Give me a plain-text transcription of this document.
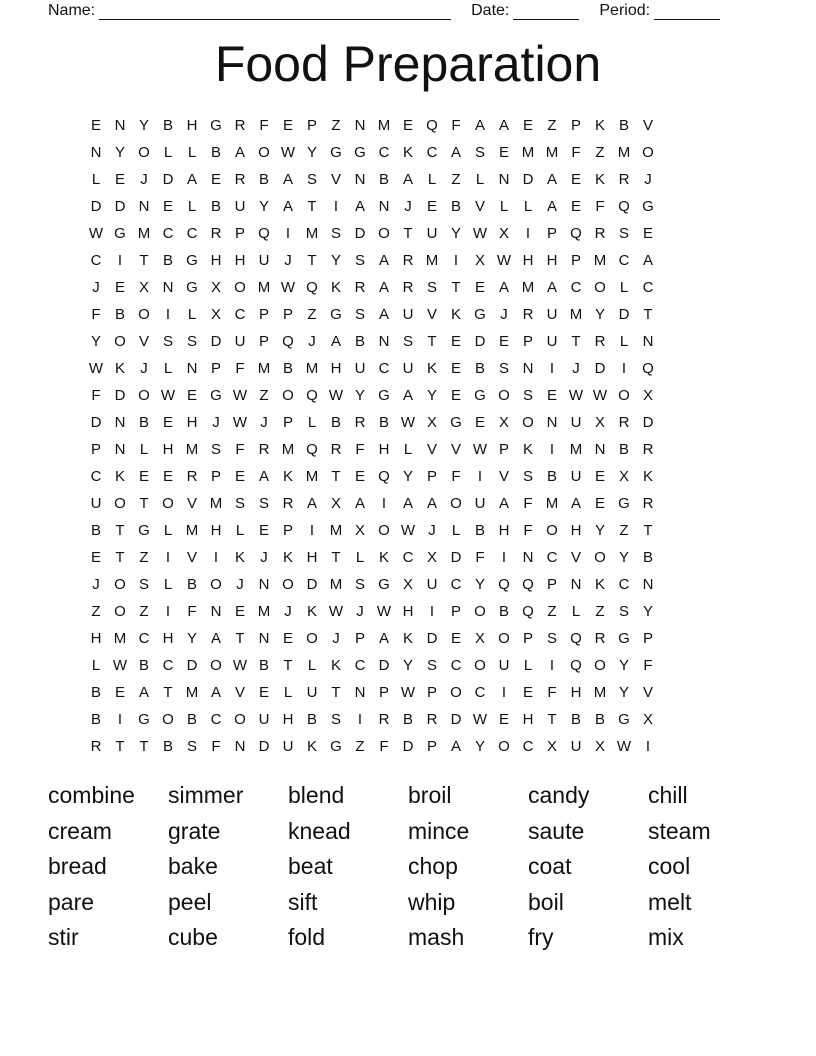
Name:	Date:	Period:
Food Preparation
E N Y B H G R F E P Z N M E Q F A A E Z P K B V
N Y O L	L B A O W Y G G C K C A S E M M F Z M O
L E	J D A E R B A S V N B A L	Z	L N D A E K R J
D D N E L B U Y A T	I	A N J	E B V L	L A E F Q G
W G M C C R P Q	I	M S D O T U Y W X	I	P Q R S E
C	I	T B G H H U J	T Y S A R M	I	X W H H P M C A
J	E X N G X O M W Q K R A R S T E A M A C O L C
F B O	I	L X C P P Z G S A U V K G J R U M Y D T
Y O V S S D U P Q J	A B N S T E D E P U T R L N
W K	J	L N P F M B M H U C U K E B S N	I	J D	I	Q
F D O W E G W Z O Q W Y G A Y E G O S E W W O X
D N B E H J W J	P L B R B W X G E X O N U X R D
P N L H M S F R M Q R F H L V V W P K	I	M N B R
C K E E R P E A K M T E Q Y P F	I	V S B U E X K
U O T O V M S S R A X A	I	A A O U A F M A E G R
B T G L M H L E P	I	M X O W J	L B H F O H Y Z T
E T Z	I	V	I	K	J	K H T	L K C X D F	I	N C V O Y B
J O S L B O J N O D M S G X U C Y Q Q P N K C N
Z O Z	I	F N E M J	K W J W H	I	P O B Q Z	L	Z S Y
H M C H Y A T N E O J	P A K D E X O P S Q R G P
L W B C D O W B T	L K C D Y S C O U L	I	Q O Y F
B E A T M A V E L U T N P W P O C	I	E F H M Y V
B	I	G O B C O U H B S	I	R B R D W E H T B B G X
R T T B S F N D U K G Z F D P A Y O C X U X W I
combine	simmer	blend	broil	candy	chill
cream	grate	knead	mince	saute	steam
bread	bake	beat	chop	coat	cool
pare	peel	sift	whip	boil	melt
stir	cube	fold	mash	fry	mix
